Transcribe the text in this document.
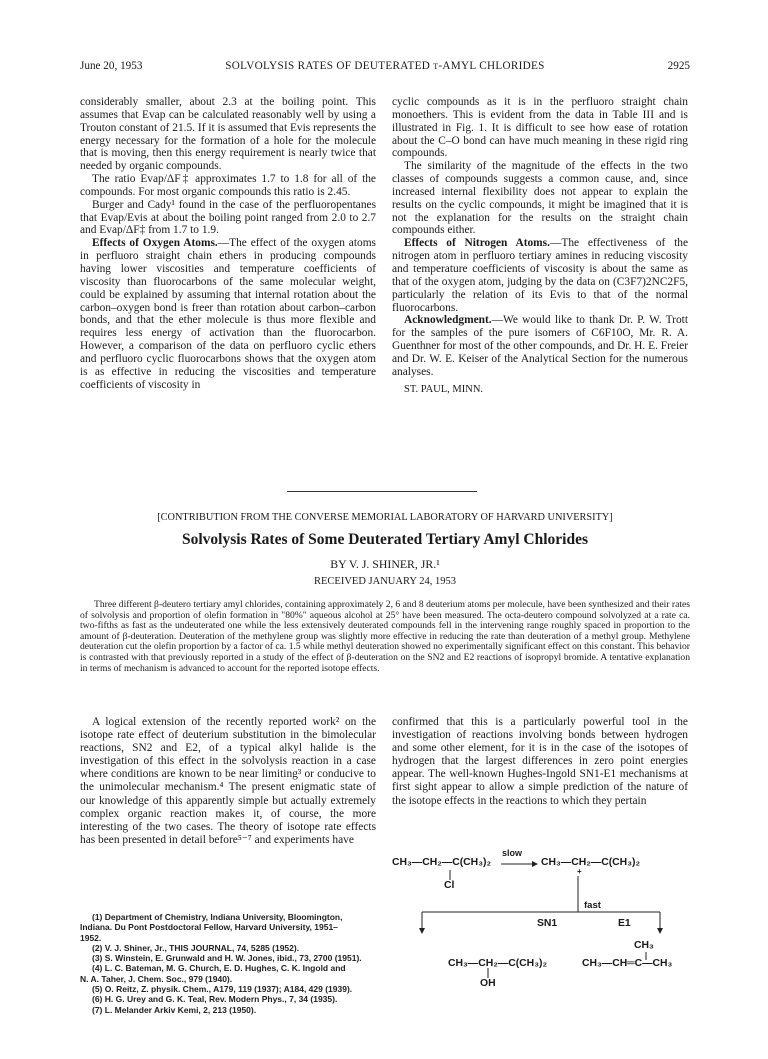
June 20, 1953	SOLVOLYSIS RATES OF DEUTERATED t-AMYL CHLORIDES	2925

considerably smaller, about 2.3 at the boiling point. This assumes that Evap can be calculated reasonably well by using a Trouton constant of 21.5. If it is assumed that Evis represents the energy necessary for the formation of a hole for the molecule that is moving, then this energy requirement is nearly twice that needed by organic compounds.

The ratio Evap/ΔF‡ approximates 1.7 to 1.8 for all of the compounds. For most organic compounds this ratio is 2.45.

Burger and Cady¹ found in the case of the perfluoropentanes that Evap/Evis at about the boiling point ranged from 2.0 to 2.7 and Evap/ΔF‡ from 1.7 to 1.9.

Effects of Oxygen Atoms.—The effect of the oxygen atoms in perfluoro straight chain ethers in producing compounds having lower viscosities and temperature coefficients of viscosity than fluorocarbons of the same molecular weight, could be explained by assuming that internal rotation about the carbon–oxygen bond is freer than rotation about carbon–carbon bonds, and that the ether molecule is thus more flexible and requires less energy of activation than the fluorocarbon. However, a comparison of the data on perfluoro cyclic ethers and perfluoro cyclic fluorocarbons shows that the oxygen atom is as effective in reducing the viscosities and temperature coefficients of viscosity in

cyclic compounds as it is in the perfluoro straight chain monoethers. This is evident from the data in Table III and is illustrated in Fig. 1. It is difficult to see how ease of rotation about the C–O bond can have much meaning in these rigid ring compounds.

The similarity of the magnitude of the effects in the two classes of compounds suggests a common cause, and, since increased internal flexibility does not appear to explain the results on the cyclic compounds, it might be imagined that it is not the explanation for the results on the straight chain compounds either.

Effects of Nitrogen Atoms.—The effectiveness of the nitrogen atom in perfluoro tertiary amines in reducing viscosity and temperature coefficients of viscosity is about the same as that of the oxygen atom, judging by the data on (C3F7)2NC2F5, particularly the relation of its Evis to that of the normal fluorocarbons.

Acknowledgment.—We would like to thank Dr. P. W. Trott for the samples of the pure isomers of C6F10O, Mr. R. A. Guenthner for most of the other compounds, and Dr. H. E. Freier and Dr. W. E. Keiser of the Analytical Section for the numerous analyses.

ST. PAUL, MINN.

[CONTRIBUTION FROM THE CONVERSE MEMORIAL LABORATORY OF HARVARD UNIVERSITY]
Solvolysis Rates of Some Deuterated Tertiary Amyl Chlorides
BY V. J. SHINER, JR.¹
RECEIVED JANUARY 24, 1953

Three different β-deutero tertiary amyl chlorides, containing approximately 2, 6 and 8 deuterium atoms per molecule, have been synthesized and their rates of solvolysis and proportion of olefin formation in "80%" aqueous alcohol at 25° have been measured. The octa-deutero compound solvolyzed at a rate ca. two-fifths as fast as the undeuterated one while the less extensively deuterated compounds fell in the intervening range roughly spaced in proportion to the amount of β-deuteration. Deuteration of the methylene group was slightly more effective in reducing the rate than deuteration of a methyl group. Methylene deuteration cut the olefin proportion by a factor of ca. 1.5 while methyl deuteration showed no experimentally significant effect on this constant. This behavior is contrasted with that previously reported in a study of the effect of β-deuteration on the SN2 and E2 reactions of isopropyl bromide. A tentative explanation in terms of mechanism is advanced to account for the reported isotope effects.

A logical extension of the recently reported work² on the isotope rate effect of deuterium substitution in the bimolecular reactions, SN2 and E2, of a typical alkyl halide is the investigation of this effect in the solvolysis reaction in a case where conditions are known to be near limiting³ or conducive to the unimolecular mechanism.⁴ The present enigmatic state of our knowledge of this apparently simple but actually extremely complex organic reaction makes it, of course, the more interesting of the two cases. The theory of isotope rate effects has been presented in detail before⁵⁻⁷ and experiments have

confirmed that this is a particularly powerful tool in the investigation of reactions involving bonds between hydrogen and some other element, for it is in the case of the isotopes of hydrogen that the largest differences in zero point energies appear. The well-known Hughes-Ingold SN1-E1 mechanisms at first sight appear to allow a simple prediction of the nature of the isotope effects in the reactions to which they pertain

(1) Department of Chemistry, Indiana University, Bloomington,
Indiana. Du Pont Postdoctoral Fellow, Harvard University, 1951–
1952.
(2) V. J. Shiner, Jr., THIS JOURNAL, 74, 5285 (1952).
(3) S. Winstein, E. Grunwald and H. W. Jones, ibid., 73, 2700 (1951).
(4) L. C. Bateman, M. G. Church, E. D. Hughes, C. K. Ingold and
N. A. Taher, J. Chem. Soc., 979 (1940).
(5) O. Reitz, Z. physik. Chem., A179, 119 (1937); A184, 429 (1939).
(6) H. G. Urey and G. K. Teal, Rev. Modern Phys., 7, 34 (1935).
(7) L. Melander Arkiv Kemi, 2, 213 (1950).
CH₃—CH₂—C(CH₃)₂
slow
Cl
CH₃—CH₂—C(CH₃)₂
+
SN1
fast
E1
CH₃
CH₃—CH₂—C(CH₃)₂
OH
CH₃—CH═C—CH₃
